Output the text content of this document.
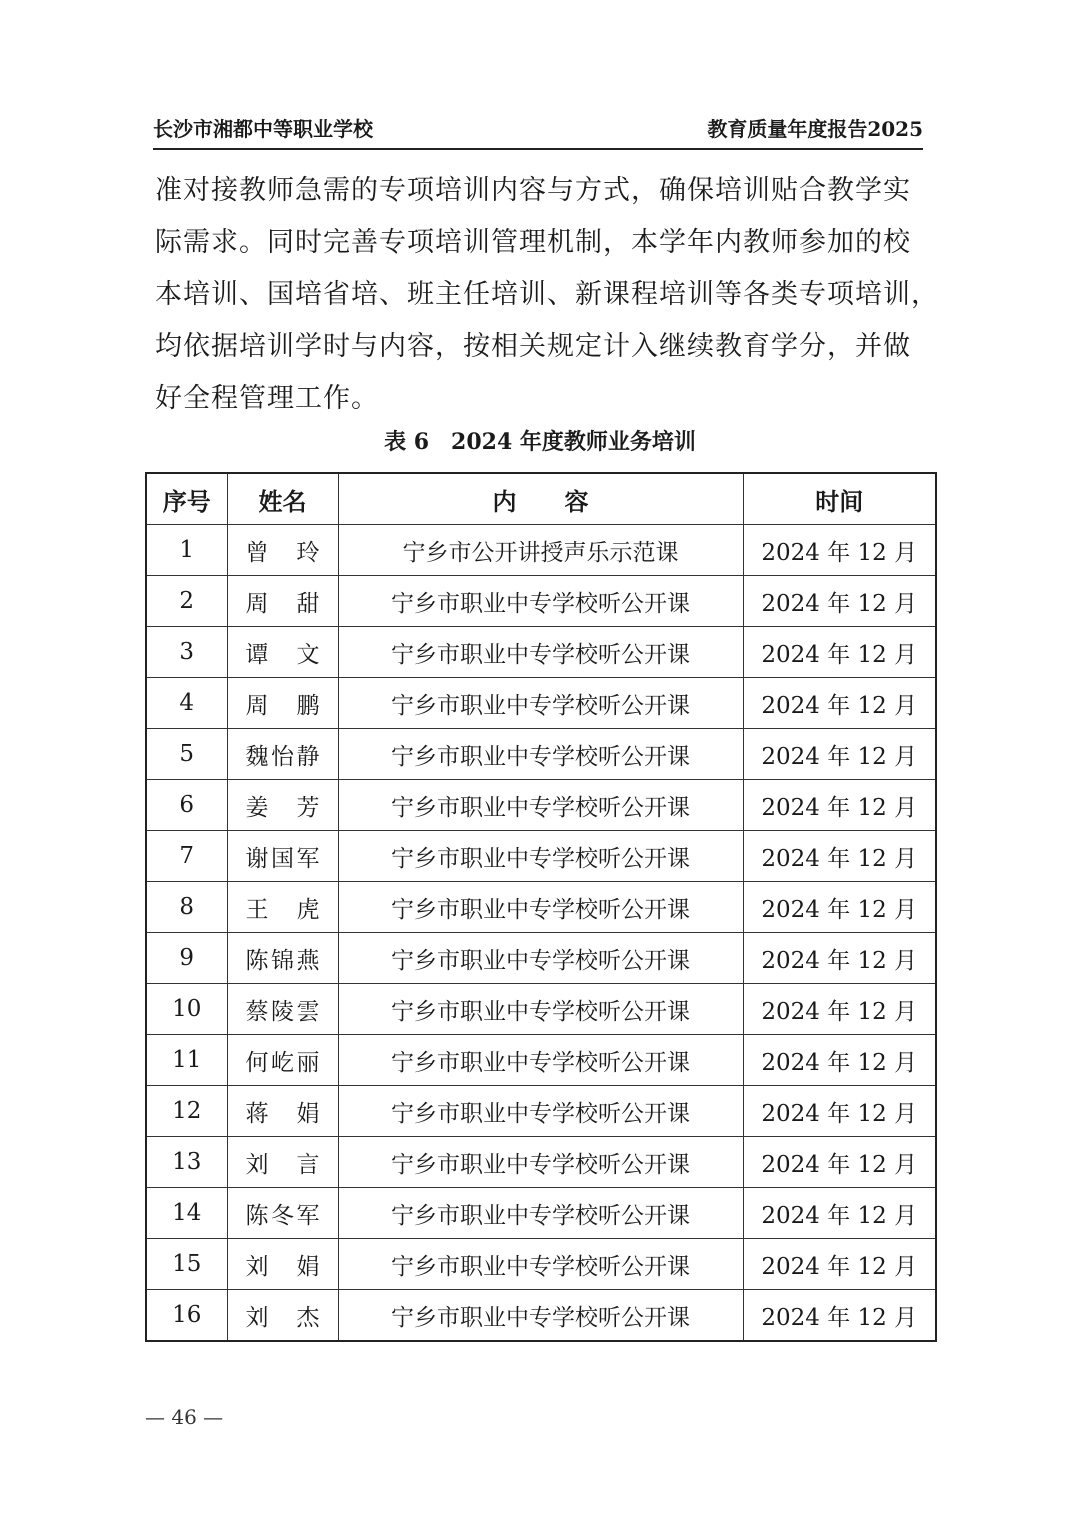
长沙市湘都中等职业学校	教育质量年度报告2025

准对接教师急需的专项培训内容与方式，确保培训贴合教学实

际需求。同时完善专项培训管理机制，本学年内教师参加的校

本培训、国培省培、班主任培训、新课程培训等各类专项培训，

均依据培训学时与内容，按相关规定计入继续教育学分，并做

好全程管理工作。

表 6　2024 年度教师业务培训
序号	姓名	内　　容	时间
1	曾玲	宁乡市公开讲授声乐示范课	2024 年 12 月
2	周甜	宁乡市职业中专学校听公开课	2024 年 12 月
3	谭文	宁乡市职业中专学校听公开课	2024 年 12 月
4	周鹏	宁乡市职业中专学校听公开课	2024 年 12 月
5	魏怡静	宁乡市职业中专学校听公开课	2024 年 12 月
6	姜芳	宁乡市职业中专学校听公开课	2024 年 12 月
7	谢国军	宁乡市职业中专学校听公开课	2024 年 12 月
8	王虎	宁乡市职业中专学校听公开课	2024 年 12 月
9	陈锦燕	宁乡市职业中专学校听公开课	2024 年 12 月
10	蔡陵雲	宁乡市职业中专学校听公开课	2024 年 12 月
11	何屹丽	宁乡市职业中专学校听公开课	2024 年 12 月
12	蒋娟	宁乡市职业中专学校听公开课	2024 年 12 月
13	刘言	宁乡市职业中专学校听公开课	2024 年 12 月
14	陈冬军	宁乡市职业中专学校听公开课	2024 年 12 月
15	刘娟	宁乡市职业中专学校听公开课	2024 年 12 月
16	刘杰	宁乡市职业中专学校听公开课	2024 年 12 月
— 46 —
